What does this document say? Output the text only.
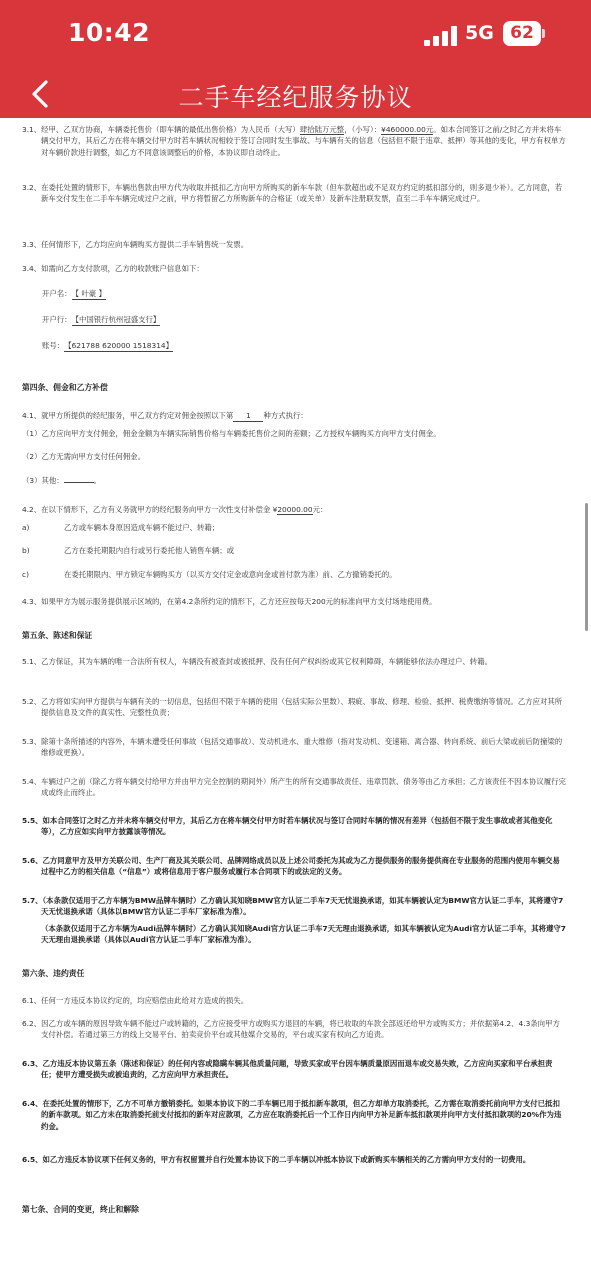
10:42	5G 62
二手车经纪服务协议
3.1、经甲、乙双方协商，车辆委托售价（即车辆的最低出售价格）为人民币（大写）肆拾陆万元整，（小写）：¥460000.00元。如本合同签订之前/之时乙方并未将车辆交付甲方，其后乙方在将车辆交付甲方时若车辆状况相较于签订合同时发生事故、与车辆有关的信息（包括但不限于违章、抵押）等其他的变化，甲方有权单方对车辆价款进行调整，如乙方不同意该调整后的价格，本协议即自动终止。
3.2、在委托处置的情形下，车辆出售款由甲方代为收取并抵扣乙方向甲方所购买的新车车款（但车款超出或不足双方约定的抵扣部分的，则多退少补）。乙方同意，若新车交付发生在二手车车辆完成过户之前，甲方将暂留乙方所购新车的合格证（或关单）及新车注册联发票，直至二手车车辆完成过户。
3.3、任何情形下，乙方均应向车辆购买方提供二手车销售统一发票。
3.4、如需向乙方支付款项，乙方的收款账户信息如下：
开户名：【 叶豪 】
开户行：【中国银行杭州冠盛支行】
账号：【621788 620000 1518314】
第四条、佣金和乙方补偿
4.1、就甲方所提供的经纪服务，甲乙双方约定对佣金按照以下第 1 种方式执行：
（1）乙方应向甲方支付佣金，佣金金额为车辆实际销售价格与车辆委托售价之间的差额；乙方授权车辆购买方向甲方支付佣金。
（2）乙方无需向甲方支付任何佣金。
（3）其他：	。
4.2、在以下情形下，乙方有义务就甲方的经纪服务向甲方一次性支付补偿金 ¥20000.00元：
a)	乙方或车辆本身原因造成车辆不能过户、转籍；
b)	乙方在委托期限内自行或另行委托他人销售车辆；或
c)	在委托期限内、甲方锁定车辆购买方（以买方交付定金或意向金或首付款为准）前、乙方撤销委托的。
4.3、如果甲方为展示服务提供展示区域的，在第4.2条所约定的情形下，乙方还应按每天200元的标准向甲方支付场地使用费。
第五条、陈述和保证
5.1、乙方保证，其为车辆的唯一合法所有权人，车辆没有被查封或被抵押、没有任何产权纠纷或其它权利障碍，车辆能够依法办理过户、转籍。
5.2、乙方将如实向甲方提供与车辆有关的一切信息，包括但不限于车辆的使用（包括实际公里数）、瑕疵、事故、修理、检验、抵押、税费缴纳等情况。乙方应对其所提供信息及文件的真实性、完整性负责；
5.3、除第十条所描述的内容外，车辆未遭受任何事故（包括交通事故）、发动机进水、重大维修（指对发动机、变速箱、离合器、转向系统、前后大梁或前后防撞梁的维修或更换）。
5.4、车辆过户之前（除乙方将车辆交付给甲方并由甲方完全控制的期间外）所产生的所有交通事故责任、违章罚款、债务等由乙方承担；乙方该责任不因本协议履行完成或终止而终止。
5.5、如本合同签订之时乙方并未将车辆交付甲方，其后乙方在将车辆交付甲方时若车辆状况与签订合同时车辆的情况有差异（包括但不限于发生事故或者其他变化等），乙方应如实向甲方披露该等情况。
5.6、乙方同意甲方及甲方关联公司、生产厂商及其关联公司、品牌网络成员以及上述公司委托为其或为乙方提供服务的服务提供商在专业服务的范围内使用车辆交易过程中乙方的相关信息（“信息”）或将信息用于客户服务或履行本合同项下的或法定的义务。
5.7、（本条款仅适用于乙方车辆为BMW品牌车辆时）乙方确认其知晓BMW官方认证二手车7天无忧退换承诺，如其车辆被认定为BMW官方认证二手车，其将遵守7天无忧退换承诺（具体以BMW官方认证二手车厂家标准为准）。
（本条款仅适用于乙方车辆为Audi品牌车辆时）乙方确认其知晓Audi官方认证二手车7天无理由退换承诺，如其车辆被认定为Audi官方认证二手车，其将遵守7天无理由退换承诺（具体以Audi官方认证二手车厂家标准为准）。
第六条、违约责任
6.1、任何一方违反本协议约定的，均应赔偿由此给对方造成的损失。
6.2、因乙方或车辆的原因导致车辆不能过户或转籍的，乙方应接受甲方或购买方退回的车辆，将已收取的车款全部返还给甲方或购买方；并依据第4.2、4.3条向甲方支付补偿。若通过第三方的线上交易平台、拍卖竞价平台或其他媒介交易的，平台或买家有权向乙方追责。
6.3、乙方违反本协议第五条（陈述和保证）的任何内容或隐瞒车辆其他质量问题，导致买家或平台因车辆质量原因而退车或交易失败，乙方应向买家和平台承担责任；使甲方遭受损失或被追责的，乙方应向甲方承担责任。
6.4、在委托处置的情形下，乙方不可单方撤销委托。如果本协议下的二手车辆已用于抵扣新车款项，但乙方却单方取消委托，乙方需在取消委托前向甲方支付已抵扣的新车款项。如乙方未在取消委托前支付抵扣的新车对应款项，乙方应在取消委托后一个工作日内向甲方补足新车抵扣款项并向甲方支付抵扣款项的20%作为违约金。
6.5、如乙方违反本协议项下任何义务的，甲方有权留置并自行处置本协议下的二手车辆以冲抵本协议下或新购买车辆相关的乙方需向甲方支付的一切费用。
第七条、合同的变更，终止和解除
